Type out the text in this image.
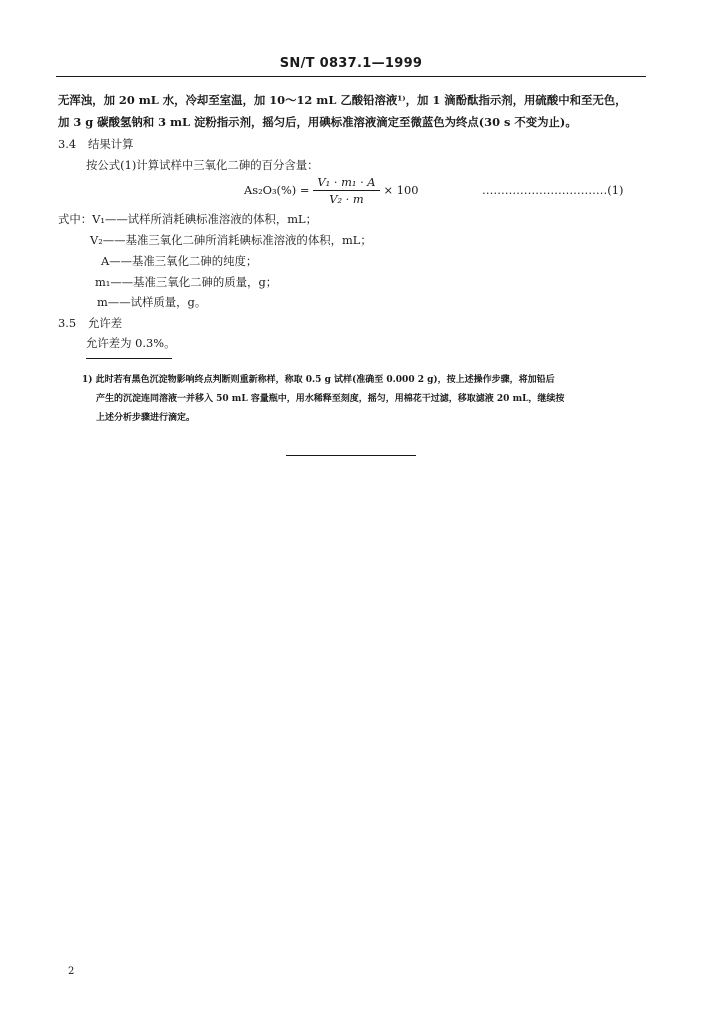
SN/T 0837.1—1999
无浑浊，加 20 mL 水，冷却至室温，加 10～12 mL 乙酸铅溶液¹⁾，加 1 滴酚酞指示剂，用硫酸中和至无色，
加 3 g 碳酸氢钠和 3 mL 淀粉指示剂，摇匀后，用碘标准溶液滴定至微蓝色为终点(30 s 不变为止)。
3.4 结果计算
按公式(1)计算试样中三氧化二砷的百分含量：
$As_2O_3(\%) = \frac{\text{V₁ · m₁ · A}}{\text{V₂ · m}} \times 100$	……………………………(1)
式中：V₁——试样所消耗碘标准溶液的体积，mL；
V₂——基准三氧化二砷所消耗碘标准溶液的体积，mL；
A——基准三氧化二砷的纯度；
m₁——基准三氧化二砷的质量，g；
m——试样质量，g。
3.5 允许差
允许差为 0.3%。
1) 此时若有黑色沉淀物影响终点判断则重新称样，称取 0.5 g 试样(准确至 0.000 2 g)，按上述操作步骤，将加铅后
产生的沉淀连同溶液一并移入 50 mL 容量瓶中，用水稀释至刻度，摇匀，用棉花干过滤，移取滤液 20 mL，继续按
上述分析步骤进行滴定。
2
